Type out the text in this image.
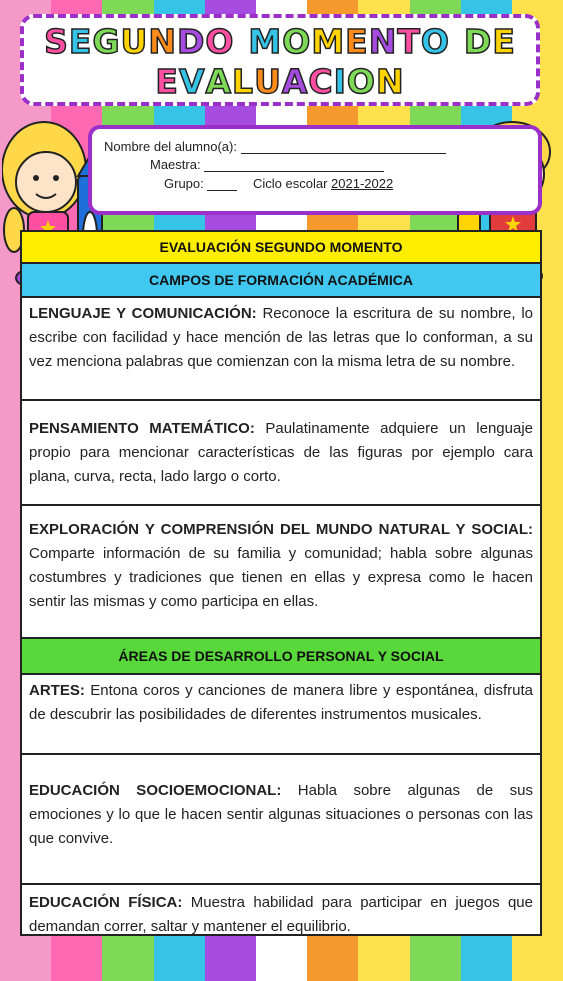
SEGUNDO MOMENTO DE
EVALUACION
Nombre del alumno(a):
Maestra:
Grupo:	Ciclo escolar 2021-2022
EVALUACIÓN SEGUNDO MOMENTO
CAMPOS DE FORMACIÓN ACADÉMICA
LENGUAJE Y COMUNICACIÓN: Reconoce la escritura de su nombre, lo escribe con facilidad y hace mención de las letras que lo conforman, a su vez menciona palabras que comienzan con la misma letra de su nombre.
PENSAMIENTO MATEMÁTICO: Paulatinamente adquiere un lenguaje propio para mencionar características de las figuras por ejemplo cara plana, curva, recta, lado largo o corto.
EXPLORACIÓN Y COMPRENSIÓN DEL MUNDO NATURAL Y SOCIAL: Comparte información de su familia y comunidad; habla sobre algunas costumbres y tradiciones que tienen en ellas y expresa como le hacen sentir las mismas y como participa en ellas.
ÁREAS DE DESARROLLO PERSONAL Y SOCIAL
ARTES: Entona coros y canciones de manera libre y espontánea, disfruta de descubrir las posibilidades de diferentes instrumentos musicales.
EDUCACIÓN SOCIOEMOCIONAL: Habla sobre algunas de sus emociones y lo que le hacen sentir algunas situaciones o personas con las que convive.
EDUCACIÓN FÍSICA: Muestra habilidad para participar en juegos que demandan correr, saltar y mantener el equilibrio.
